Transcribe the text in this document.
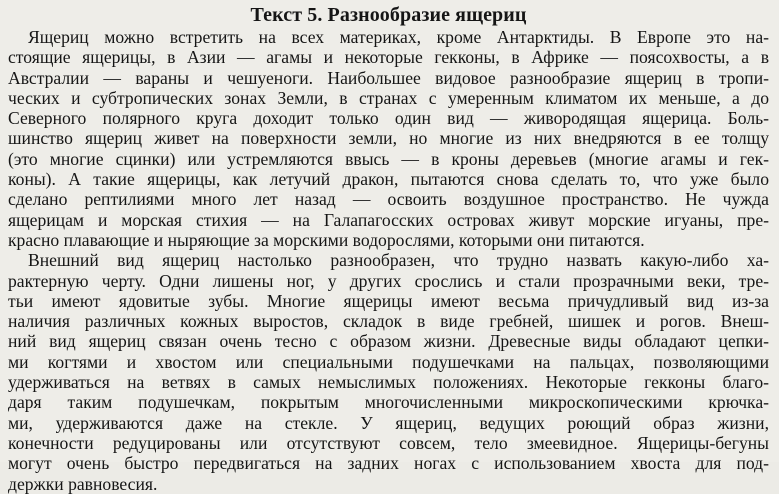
Текст 5. Разнообразие ящериц
Ящериц можно встретить на всех материках, кроме Антарктиды. В Европе это на-
стоящие ящерицы, в Азии — агамы и некоторые гекконы, в Африке — поясохвосты, а в
Австралии — вараны и чешуеноги. Наибольшее видовое разнообразие ящериц в тропи-
ческих и субтропических зонах Земли, в странах с умеренным климатом их меньше, а до
Северного полярного круга доходит только один вид — живородящая ящерица. Боль-
шинство ящериц живет на поверхности земли, но многие из них внедряются в ее толщу
(это многие сцинки) или устремляются ввысь — в кроны деревьев (многие агамы и гек-
коны). А такие ящерицы, как летучий дракон, пытаются снова сделать то, что уже было
сделано рептилиями много лет назад — освоить воздушное пространство. Не чужда
ящерицам и морская стихия — на Галапагосских островах живут морские игуаны, пре-
красно плавающие и ныряющие за морскими водорослями, которыми они питаются.
Внешний вид ящериц настолько разнообразен, что трудно назвать какую-либо ха-
рактерную черту. Одни лишены ног, у других срослись и стали прозрачными веки, тре-
тьи имеют ядовитые зубы. Многие ящерицы имеют весьма причудливый вид из-за
наличия различных кожных выростов, складок в виде гребней, шишек и рогов. Внеш-
ний вид ящериц связан очень тесно с образом жизни. Древесные виды обладают цепки-
ми когтями и хвостом или специальными подушечками на пальцах, позволяющими
удерживаться на ветвях в самых немыслимых положениях. Некоторые гекконы благо-
даря таким подушечкам, покрытым многочисленными микроскопическими крючка-
ми, удерживаются даже на стекле. У ящериц, ведущих роющий образ жизни,
конечности редуцированы или отсутствуют совсем, тело змеевидное. Ящерицы-бегуны
могут очень быстро передвигаться на задних ногах с использованием хвоста для под-
держки равновесия.
